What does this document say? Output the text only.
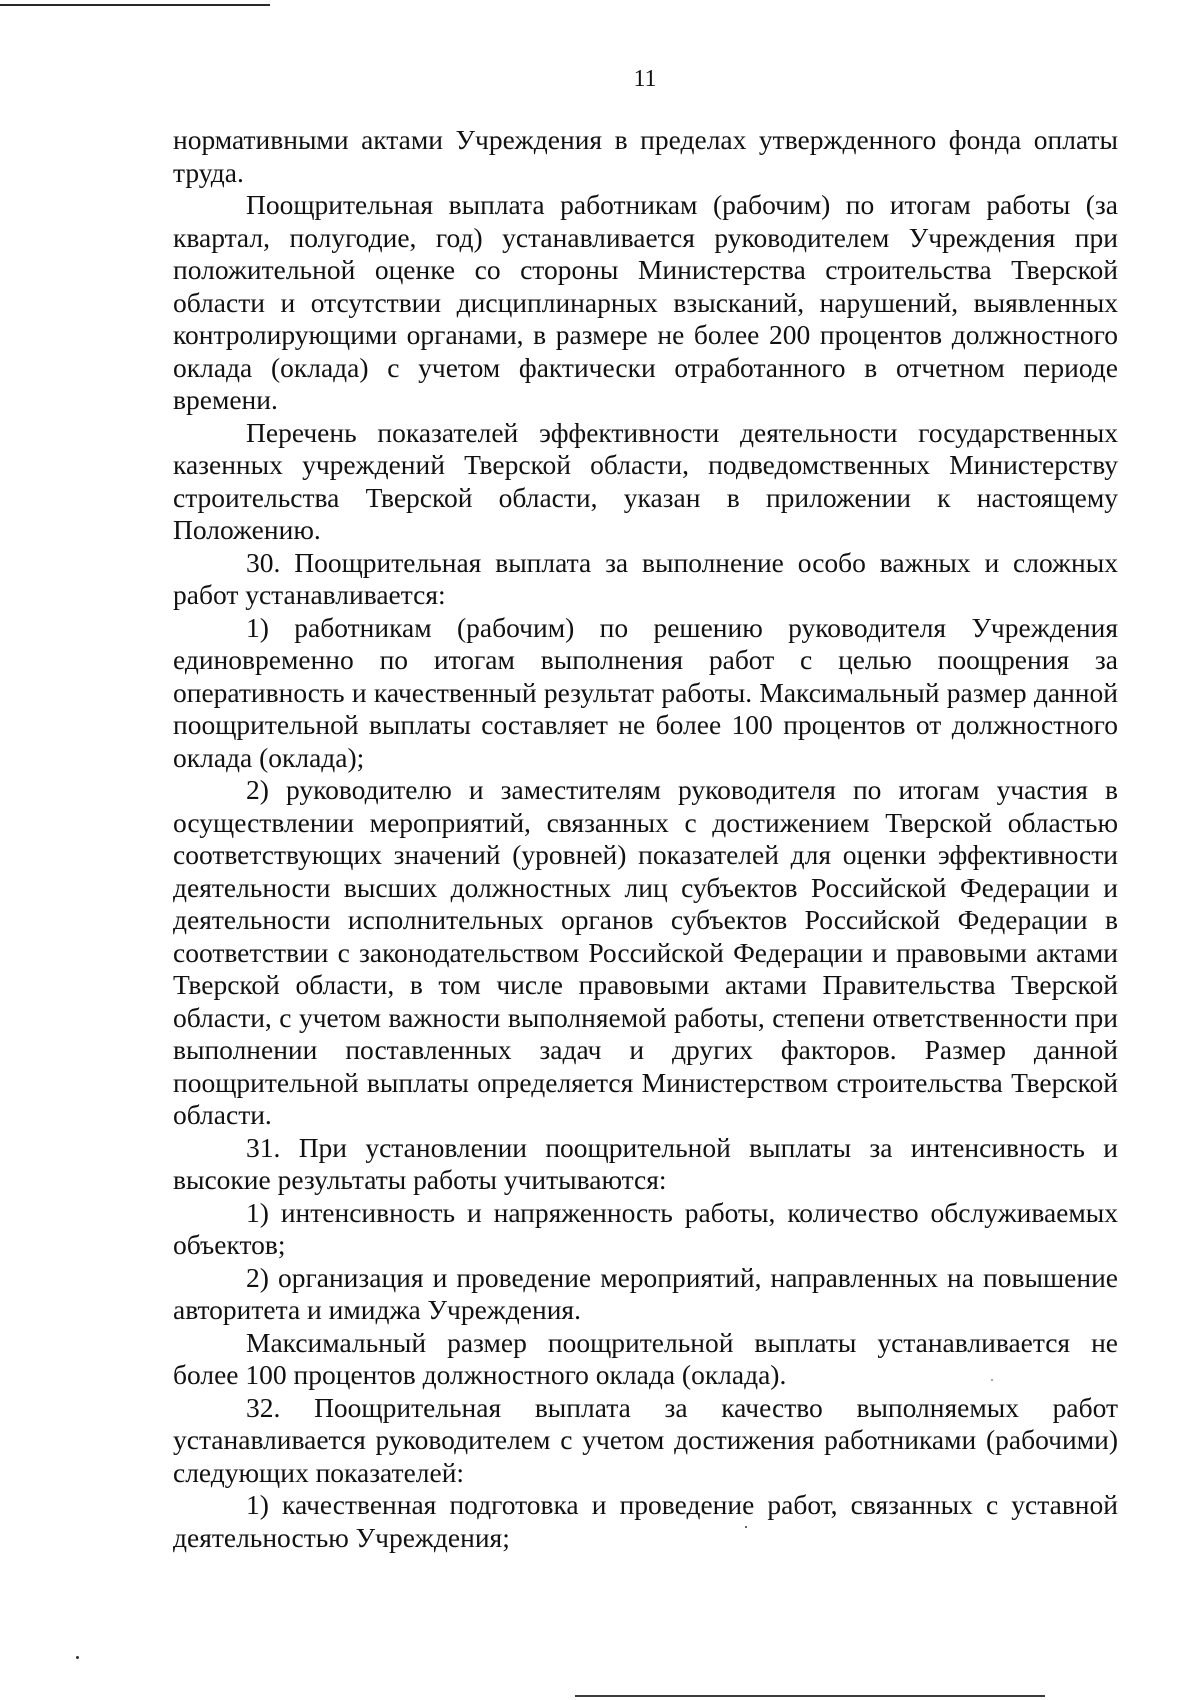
11

нормативными актами Учреждения в пределах утвержденного фонда оплаты труда.

Поощрительная выплата работникам (рабочим) по итогам работы (за квартал, полугодие, год) устанавливается руководителем Учреждения при положительной оценке со стороны Министерства строительства Тверской области и отсутствии дисциплинарных взысканий, нарушений, выявленных контролирующими органами, в размере не более 200 процентов должностного оклада (оклада) с учетом фактически отработанного в отчетном периоде времени.

Перечень показателей эффективности деятельности государственных казенных учреждений Тверской области, подведомственных Министерству строительства Тверской области, указан в приложении к настоящему Положению.

30. Поощрительная выплата за выполнение особо важных и сложных работ устанавливается:

1) работникам (рабочим) по решению руководителя Учреждения единовременно по итогам выполнения работ с целью поощрения за оперативность и качественный результат работы. Максимальный размер данной поощрительной выплаты составляет не более 100 процентов от должностного оклада (оклада);

2) руководителю и заместителям руководителя по итогам участия в осуществлении мероприятий, связанных с достижением Тверской областью соответствующих значений (уровней) показателей для оценки эффективности деятельности высших должностных лиц субъектов Российской Федерации и деятельности исполнительных органов субъектов Российской Федерации в соответствии с законодательством Российской Федерации и правовыми актами Тверской области, в том числе правовыми актами Правительства Тверской области, с учетом важности выполняемой работы, степени ответственности при выполнении поставленных задач и других факторов. Размер данной поощрительной выплаты определяется Министерством строительства Тверской области.

31. При установлении поощрительной выплаты за интенсивность и высокие результаты работы учитываются:

1) интенсивность и напряженность работы, количество обслуживаемых объектов;

2) организация и проведение мероприятий, направленных на повышение авторитета и имиджа Учреждения.

Максимальный размер поощрительной выплаты устанавливается не более 100 процентов должностного оклада (оклада).

32. Поощрительная выплата за качество выполняемых работ устанавливается руководителем с учетом достижения работниками (рабочими) следующих показателей:

1) качественная подготовка и проведение работ, связанных с уставной деятельностью Учреждения;
